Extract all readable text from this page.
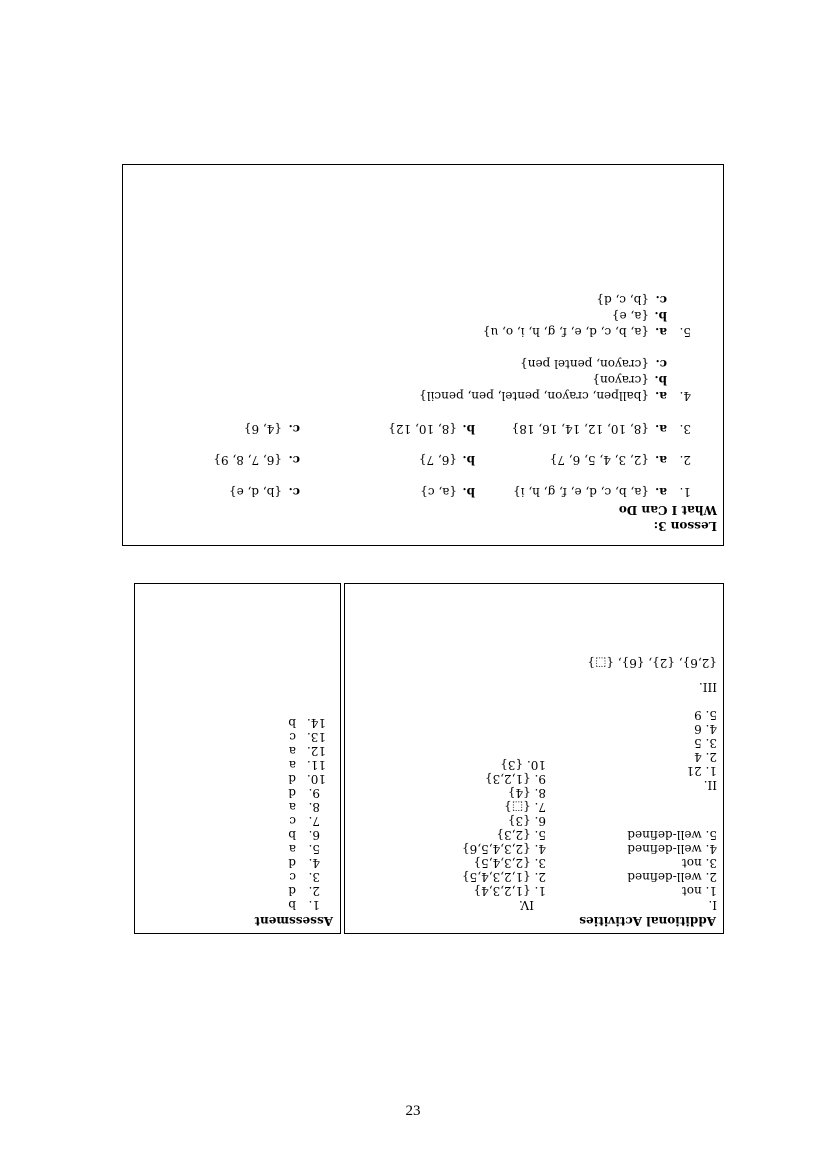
Lesson 3:
What I Can Do
1.
a.
{a, b, c, d, e, f, g, h, i}
b.
{a, c}
c.
{b, d, e}
2.
a.
{2, 3, 4, 5, 6, 7}
b.
{6, 7}
c.
{6, 7, 8, 9}
3.
a.
{8, 10, 12, 14, 16, 18}
b.
{8, 10, 12}
c.
{4, 6}
4.
a.
{ballpen, crayon, pentel, pen, pencil}
b.
{crayon}
c.
{crayon, pentel pen}
5.
a.
{a, b, c, d, e, f, g, h, i, o, u}
b.
{a, e}
c.
{b, c, d}
Additional Activities
I.
1. not
2. well-defined
3. not
4. well-defined
5. well-defined
IV.
1. {1,2,3,4}
2. {1,2,3,4,5}
3. {2,3,4,5}
4. {2,3,4,5,6}
5. {2,3}
6. {3}
7. {⬚}
8. {4}
9. {1,2,3}
10. {3}
II.
1. 21
2. 4
3. 5
4. 6
5. 9
III.
{2,6}, {2}, {6}, {⬚}
Assessment
1.
b
2.
d
3.
c
4.
d
5.
a
6.
b
7.
c
8.
a
9.
d
10.
d
11.
a
12.
a
13.
c
14.
b
23
